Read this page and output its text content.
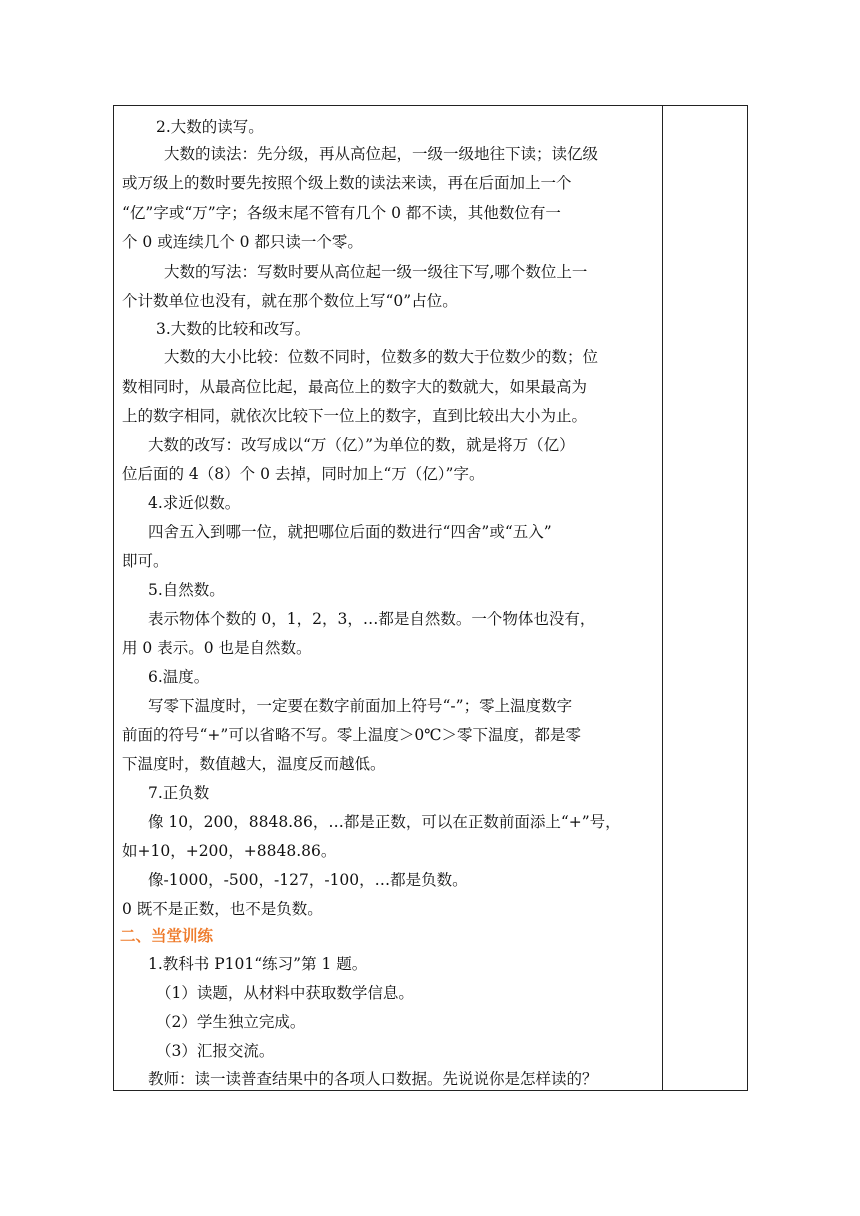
2.大数的读写。
大数的读法：先分级，再从高位起，一级一级地往下读；读亿级
或万级上的数时要先按照个级上数的读法来读，再在后面加上一个
“亿”字或“万”字；各级末尾不管有几个 0 都不读，其他数位有一
个 0 或连续几个 0 都只读一个零。
大数的写法：写数时要从高位起一级一级往下写,哪个数位上一
个计数单位也没有，就在那个数位上写“0”占位。
3.大数的比较和改写。
大数的大小比较：位数不同时，位数多的数大于位数少的数；位
数相同时，从最高位比起，最高位上的数字大的数就大，如果最高为
上的数字相同，就依次比较下一位上的数字，直到比较出大小为止。
大数的改写：改写成以“万（亿）”为单位的数，就是将万（亿）
位后面的 4（8）个 0 去掉，同时加上“万（亿）”字。
4.求近似数。
四舍五入到哪一位，就把哪位后面的数进行“四舍”或“五入”
即可。
5.自然数。
表示物体个数的 0，1，2，3，…都是自然数。一个物体也没有，
用 0 表示。0 也是自然数。
6.温度。
写零下温度时，一定要在数字前面加上符号“-”；零上温度数字
前面的符号“+”可以省略不写。零上温度＞0℃＞零下温度，都是零
下温度时，数值越大，温度反而越低。
7.正负数
像 10，200，8848.86，…都是正数，可以在正数前面添上“+”号，
如+10，+200，+8848.86。
像-1000，-500，-127，-100，…都是负数。
0 既不是正数，也不是负数。
二、当堂训练
1.教科书 P101“练习”第 1 题。
（1）读题，从材料中获取数学信息。
（2）学生独立完成。
（3）汇报交流。
教师：读一读普查结果中的各项人口数据。先说说你是怎样读的？
